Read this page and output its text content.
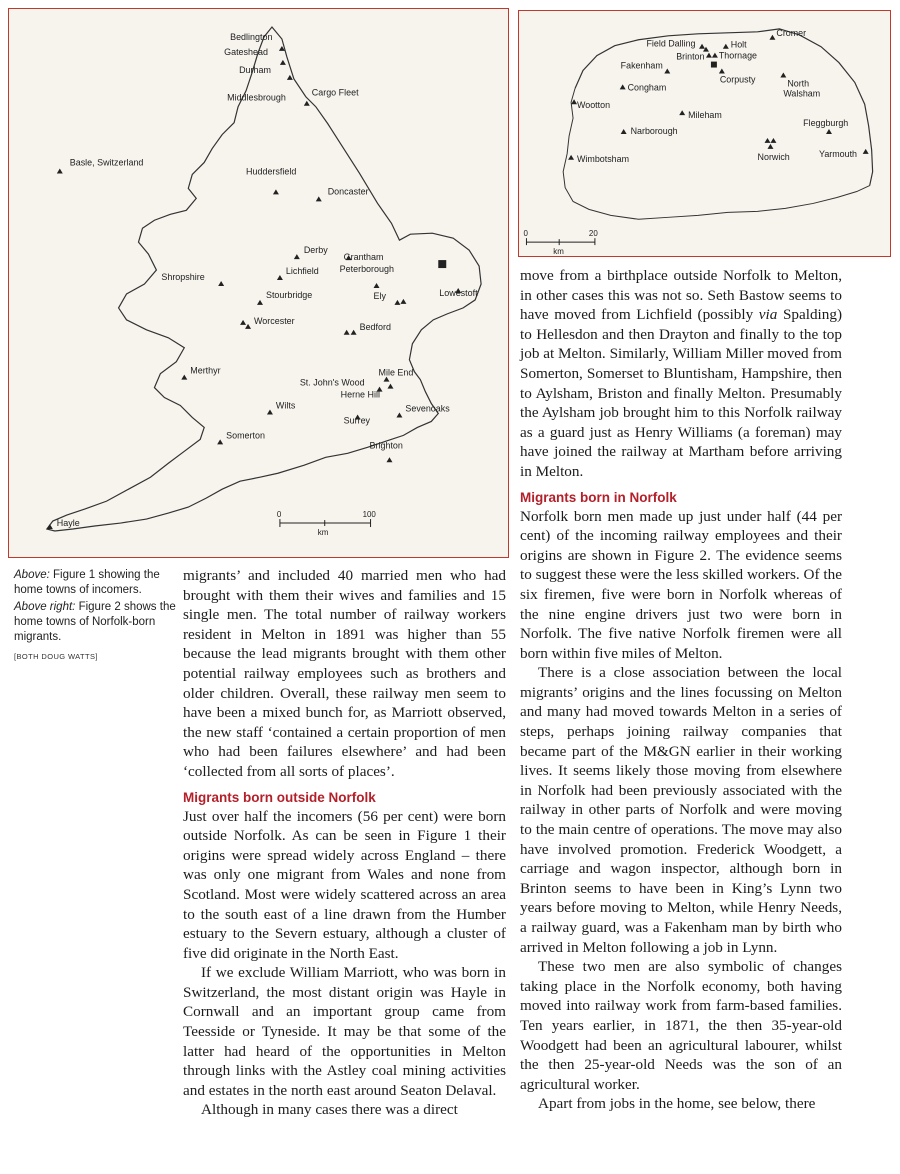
Bedlington
Gateshead
Durham
Middlesbrough	Cargo Fleet
Basle, Switzerland
Huddersfield
Doncaster
Derby
Grantham
Peterborough
Shropshire
Lichfield
Stourbridge	Ely	Lowestoft
Worcester
Bedford
Merthyr	Mile End
St. John's Wood
Herne Hill
Wilts	Sevenoaks
Surrey
Somerton
Brighton
Hayle
0	100
km
Cromer
Field Dalling	Holt
Brinton Thornage
Fakenham
Corpusty
Congham	North
Walsham
Wootton
Mileham
Fleggburgh
Narborough
Wimbotsham	Norwich	Yarmouth
0	20
km

Above: Figure 1 showing the home towns of incomers.

Above right: Figure 2 shows the home towns of Norfolk-born migrants.

[BOTH DOUG WATTS]

migrants’ and included 40 married men who had brought with them their wives and families and 15 single men. The total number of railway workers resident in Melton in 1891 was higher than 55 because the lead migrants brought with them other potential railway employees such as brothers and older children. Overall, these railway men seem to have been a mixed bunch for, as Marriott observed, the new staff ‘contained a certain proportion of men who had been failures elsewhere’ and had been ‘collected from all sorts of places’.

Migrants born outside Norfolk

Just over half the incomers (56 per cent) were born outside Norfolk. As can be seen in Figure 1 their origins were spread widely across England – there was only one migrant from Wales and none from Scotland. Most were widely scattered across an area to the south east of a line drawn from the Humber estuary to the Severn estuary, although a cluster of five did originate in the North East.

If we exclude William Marriott, who was born in Switzerland, the most distant origin was Hayle in Cornwall and an important group came from Teesside or Tyneside. It may be that some of the latter had heard of the opportunities in Melton through links with the Astley coal mining activities and estates in the north east around Seaton Delaval.

Although in many cases there was a direct

move from a birthplace outside Norfolk to Melton, in other cases this was not so. Seth Bastow seems to have moved from Lichfield (possibly via Spalding) to Hellesdon and then Drayton and finally to the top job at Melton. Similarly, William Miller moved from Somerton, Somerset to Bluntisham, Hampshire, then to Aylsham, Briston and finally Melton. Presumably the Aylsham job brought him to this Norfolk railway as a guard just as Henry Williams (a foreman) may have joined the railway at Martham before arriving in Melton.

Migrants born in Norfolk

Norfolk born men made up just under half (44 per cent) of the incoming railway employees and their origins are shown in Figure 2. The evidence seems to suggest these were the less skilled workers. Of the six firemen, five were born in Norfolk whereas of the nine engine drivers just two were born in Norfolk. The five native Norfolk firemen were all born within five miles of Melton.

There is a close association between the local migrants’ origins and the lines focussing on Melton and many had moved towards Melton in a series of steps, perhaps joining railway companies that became part of the M&GN earlier in their working lives. It seems likely those moving from elsewhere in Norfolk had been previously associated with the railway in other parts of Norfolk and were moving to the main centre of operations. The move may also have involved promotion. Frederick Woodgett, a carriage and wagon inspector, although born in Brinton seems to have been in King’s Lynn two years before moving to Melton, while Henry Needs, a railway guard, was a Fakenham man by birth who arrived in Melton following a job in Lynn.

These two men are also symbolic of changes taking place in the Norfolk economy, both having moved into railway work from farm-based families. Ten years earlier, in 1871, the then 35-year-old Woodgett had been an agricultural labourer, whilst the then 25-year-old Needs was the son of an agricultural worker.

Apart from jobs in the home, see below, there
